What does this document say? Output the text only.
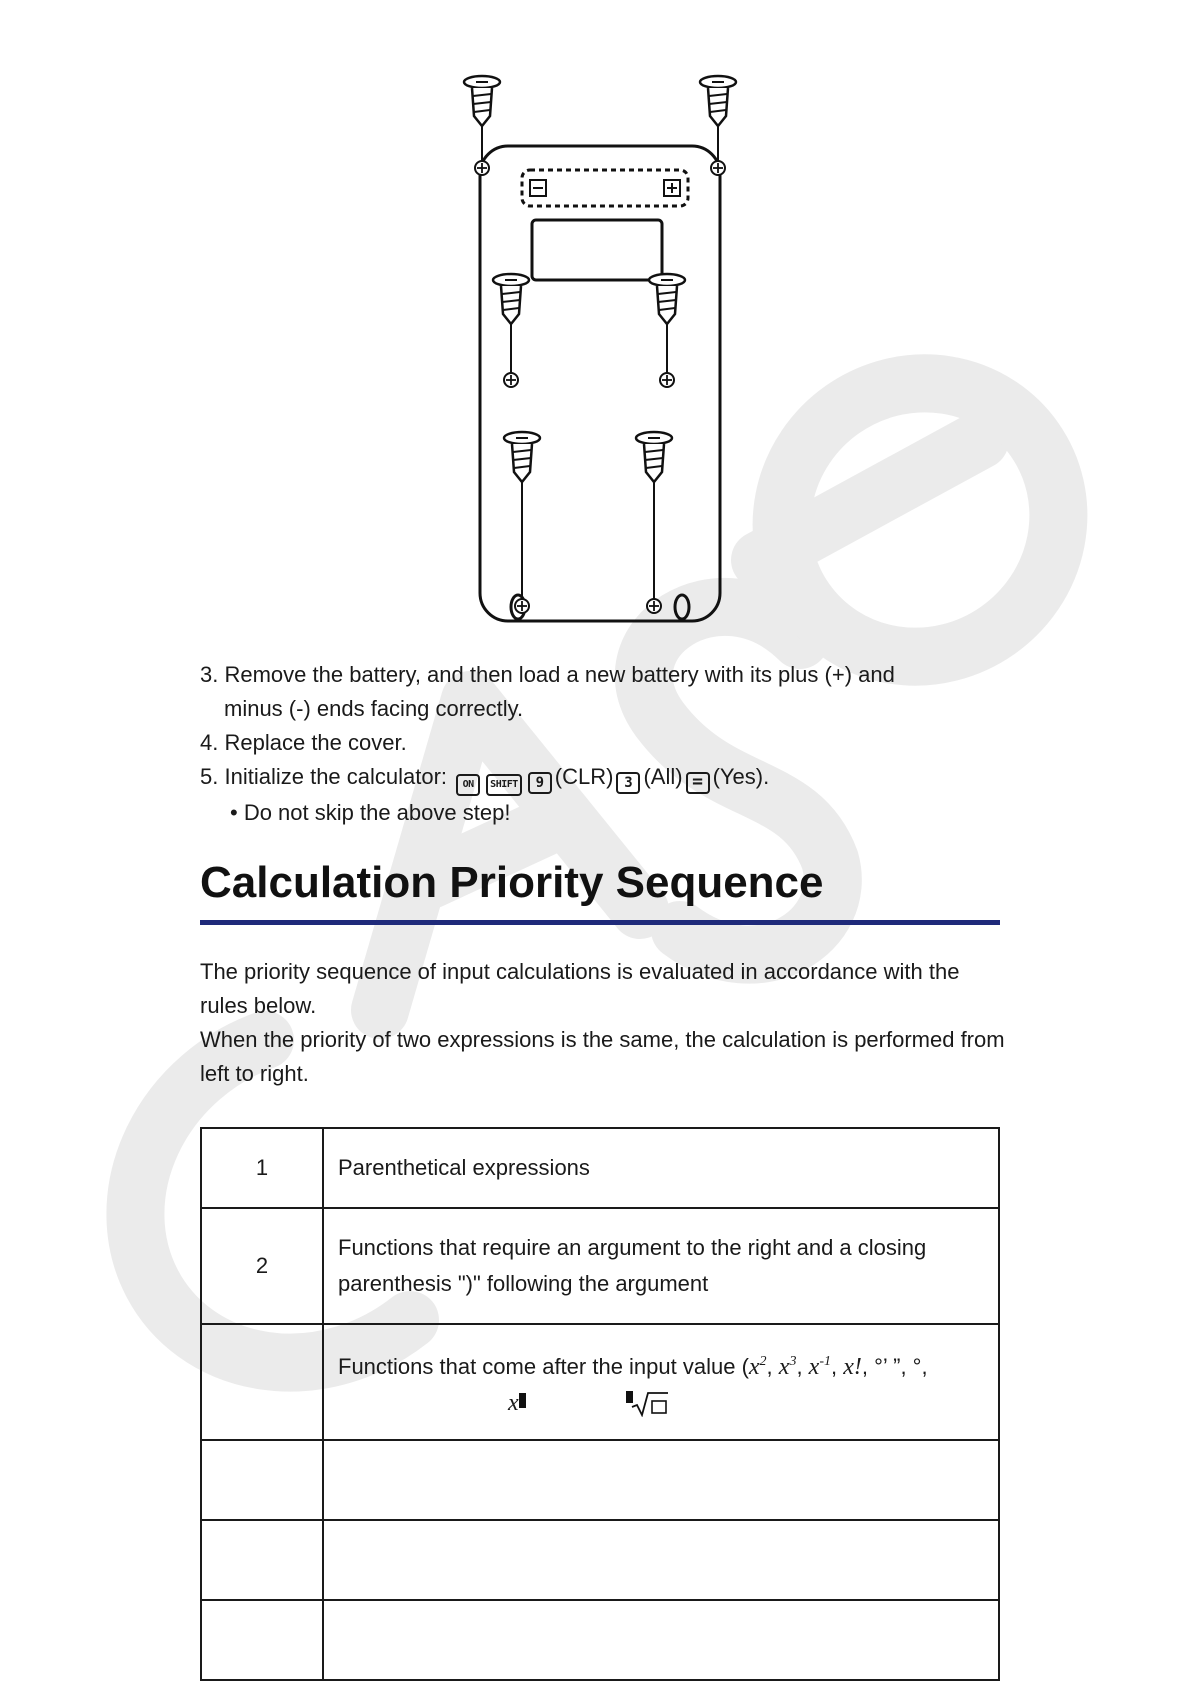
3. Remove the battery, and then load a new battery with its plus (+) and
minus (-) ends facing correctly.
4. Replace the cover.
5. Initialize the calculator: ON SHIFT 9 (CLR) 3 (All) = (Yes).
• Do not skip the above step!
Calculation Priority Sequence

The priority sequence of input calculations is evaluated in accordance with the rules below.

When the priority of two expressions is the same, the calculation is performed from left to right.

1	Parenthetical expressions
2	Functions that require an argument to the right and a closing parenthesis ")" following the argument

	Functions that come after the input value ($x^2$, $x^3$, $x^{-1}$, x!, °’ ”, °,
x
